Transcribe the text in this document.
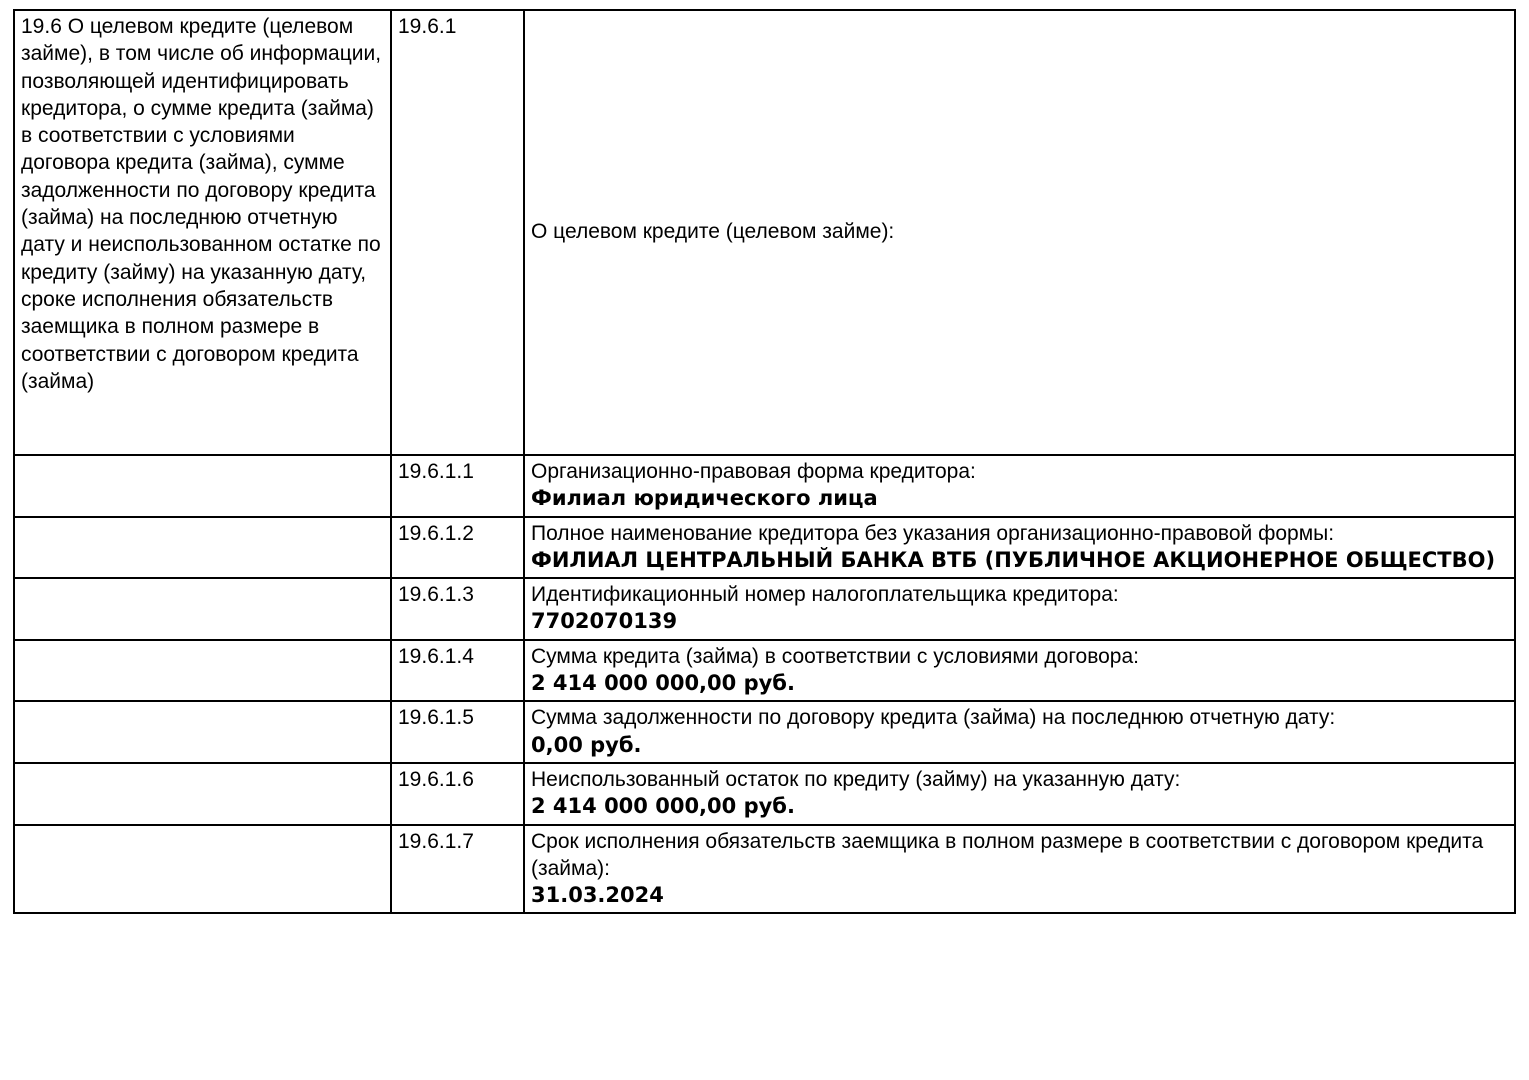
19.6 О целевом кредите (целевом займе), в том числе об информации, позволяющей идентифицировать кредитора, о сумме кредита (займа) в соответствии с условиями договора кредита (займа), сумме задолженности по договору кредита (займа) на последнюю отчетную дату и неиспользованном остатке по кредиту (займу) на указанную дату, сроке исполнения обязательств заемщика в полном размере в соответствии с договором кредита (займа)	19.6.1	О целевом кредите (целевом займе):

	19.6.1.1	Организационно-правовая форма кредитора:
Филиал юридического лица

	19.6.1.2	Полное наименование кредитора без указания организационно-правовой формы:
ФИЛИАЛ ЦЕНТРАЛЬНЫЙ БАНКА ВТБ (ПУБЛИЧНОЕ АКЦИОНЕРНОЕ ОБЩЕСТВО)

	19.6.1.3	Идентификационный номер налогоплательщика кредитора:
7702070139

	19.6.1.4	Сумма кредита (займа) в соответствии с условиями договора:
2 414 000 000,00 руб.

	19.6.1.5	Сумма задолженности по договору кредита (займа) на последнюю отчетную дату:
0,00 руб.

	19.6.1.6	Неиспользованный остаток по кредиту (займу) на указанную дату:
2 414 000 000,00 руб.

	19.6.1.7	Срок исполнения обязательств заемщика в полном размере в соответствии с договором кредита (займа):
31.03.2024
